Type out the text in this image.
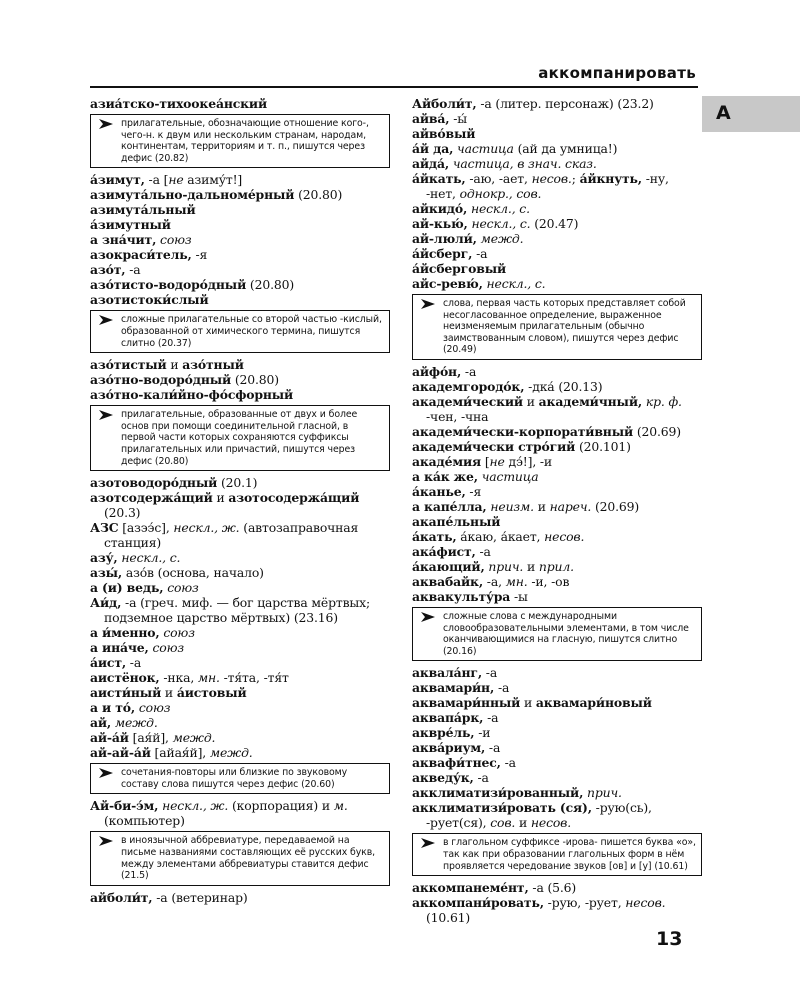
аккомпанировать
А
азиа́тско-тихоокеа́нский
прилагательные, обозначающие отношение кого-, чего-н. к двум или нескольким странам, народам, континентам, территориям и т. п., пишутся через дефис (20.82)
а́зимут, -а [не азиму́т!]
азимута́льно-дальноме́рный (20.80)
азимута́льный
а́зимутный
а зна́чит, союз
азокраси́тель, -я
азо́т, -а
азо́тисто-водоро́дный (20.80)
азотистоки́слый
сложные прилагательные со второй частью -кислый, образованной от химического термина, пишутся слитно (20.37)
азо́тистый и азо́тный
азо́тно-водоро́дный (20.80)
азо́тно-кали́йно-фо́сфорный
прилагательные, образованные от двух и более основ при помощи соединительной гласной, в первой части которых сохраняются суффиксы прилагательных или причастий, пишутся через дефис (20.80)
азотоводоро́дный (20.1)
азотсодержа́щий и азотосодержа́щий (20.3)
АЗС [азээ́с], нескл., ж. (автозаправочная станция)
азу́, нескл., с.
азы́, азо́в (основа, начало)
а (и) ведь, союз
Аи́д, -а (греч. миф. — бог царства мёртвых; подземное царство мёртвых) (23.16)
а и́менно, союз
а ина́че, союз
а́ист, -а
аистёнок, -нка, мн. -тя́та, -тя́т
аисти́ный и а́истовый
а и то́, союз
ай, межд.
ай-а́й [ая́й], межд.
ай-ай-а́й [айая́й], межд.
сочетания-повторы или близкие по звуковому составу слова пишутся через дефис (20.60)
Ай-би-э́м, нескл., ж. (корпорация) и м. (компьютер)
в иноязычной аббревиатуре, передаваемой на письме названиями составляющих её русских букв, между элементами аббревиатуры ставится дефис (21.5)
айболи́т, -а (ветеринар)
Айболи́т, -а (литер. персонаж) (23.2)
айва́, -ы́
айво́вый
а́й да, частица (ай да умница!)
айда́, частица, в знач. сказ.
а́йкать, -аю, -ает, несов.; а́йкнуть, -ну, -нет, однокр., сов.
айкидо́, нескл., с.
ай-кью́, нескл., с. (20.47)
ай-люли́, межд.
а́йсберг, -а
а́йсберговый
айс-ревю́, нескл., с.
слова, первая часть которых представляет собой несогласованное определение, выраженное неизменяемым прилагательным (обычно заимствованным словом), пишутся через дефис (20.49)
айфо́н, -а
академгородо́к, -дка́ (20.13)
академи́ческий и академи́чный, кр. ф. -чен, -чна
академи́чески-корпорати́вный (20.69)
академи́чески стро́гий (20.101)
акаде́мия [не дэ́!], -и
а ка́к же, частица
а́канье, -я
а капе́лла, неизм. и нареч. (20.69)
акапе́льный
а́кать, а́каю, а́кает, несов.
ака́фист, -а
а́кающий, прич. и прил.
аквабайк, -а, мн. -и, -ов
аквакульту́ра -ы
сложные слова с международными словообразовательными элементами, в том числе оканчивающимися на гласную, пишутся слитно (20.16)
аквала́нг, -а
аквамари́н, -а
аквамари́нный и аквамари́новый
аквапа́рк, -а
аквре́ль, -и
аква́риум, -а
аквафи́тнес, -а
акведу́к, -а
акклиматизи́рованный, прич.
акклиматизи́ровать (ся), -рую(сь), -рует(ся), сов. и несов.
в глагольном суффиксе -ирова- пишется буква «о», так как при образовании глагольных форм в нём проявляется чередование звуков [ов] и [у] (10.61)
аккомпанеме́нт, -а (5.6)
аккомпани́ровать, -рую, -рует, несов. (10.61)
13
